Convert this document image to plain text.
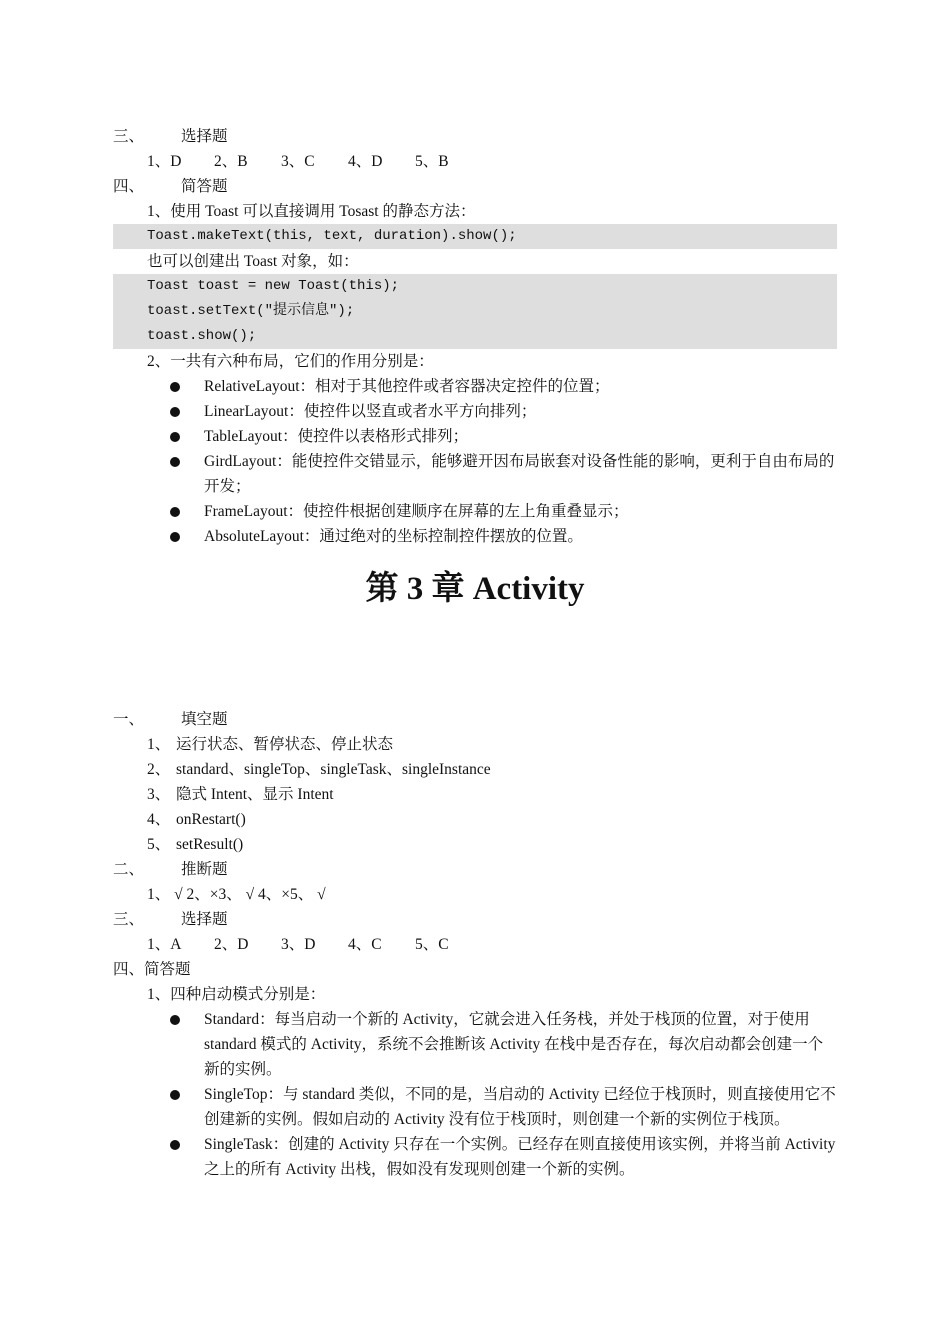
三、	选择题
1、D 2、B 3、C 4、D 5、B
四、	简答题
1、使用 Toast 可以直接调用 Tosast 的静态方法：
Toast.makeText(this, text, duration).show();
也可以创建出 Toast 对象，如：
Toast toast = new Toast(this);
toast.setText("提示信息");
toast.show();
2、一共有六种布局，它们的作用分别是：
RelativeLayout：相对于其他控件或者容器决定控件的位置；
LinearLayout：使控件以竖直或者水平方向排列；
TableLayout：使控件以表格形式排列；
GirdLayout：能使控件交错显示，能够避开因布局嵌套对设备性能的影响，更利于自由布局的开发；
FrameLayout：使控件根据创建顺序在屏幕的左上角重叠显示；
AbsoluteLayout：通过绝对的坐标控制控件摆放的位置。
第 3 章 Activity
一、	填空题
1、 运行状态、暂停状态、停止状态
2、 standard、singleTop、singleTask、singleInstance
3、 隐式 Intent、显示 Intent
4、 onRestart()
5、 setResult()
二、	推断题
1、 √ 2、×3、 √ 4、×5、 √
三、	选择题
1、A 2、D 3、D 4、C 5、C
四、简答题
1、四种启动模式分别是：
Standard：每当启动一个新的 Activity，它就会进入任务栈，并处于栈顶的位置，对于使用 standard 模式的 Activity，系统不会推断该 Activity 在栈中是否存在，每次启动都会创建一个新的实例。
SingleTop：与 standard 类似，不同的是，当启动的 Activity 已经位于栈顶时，则直接使用它不创建新的实例。假如启动的 Activity 没有位于栈顶时，则创建一个新的实例位于栈顶。
SingleTask：创建的 Activity 只存在一个实例。已经存在则直接使用该实例，并将当前 Activity 之上的所有 Activity 出栈，假如没有发现则创建一个新的实例。
